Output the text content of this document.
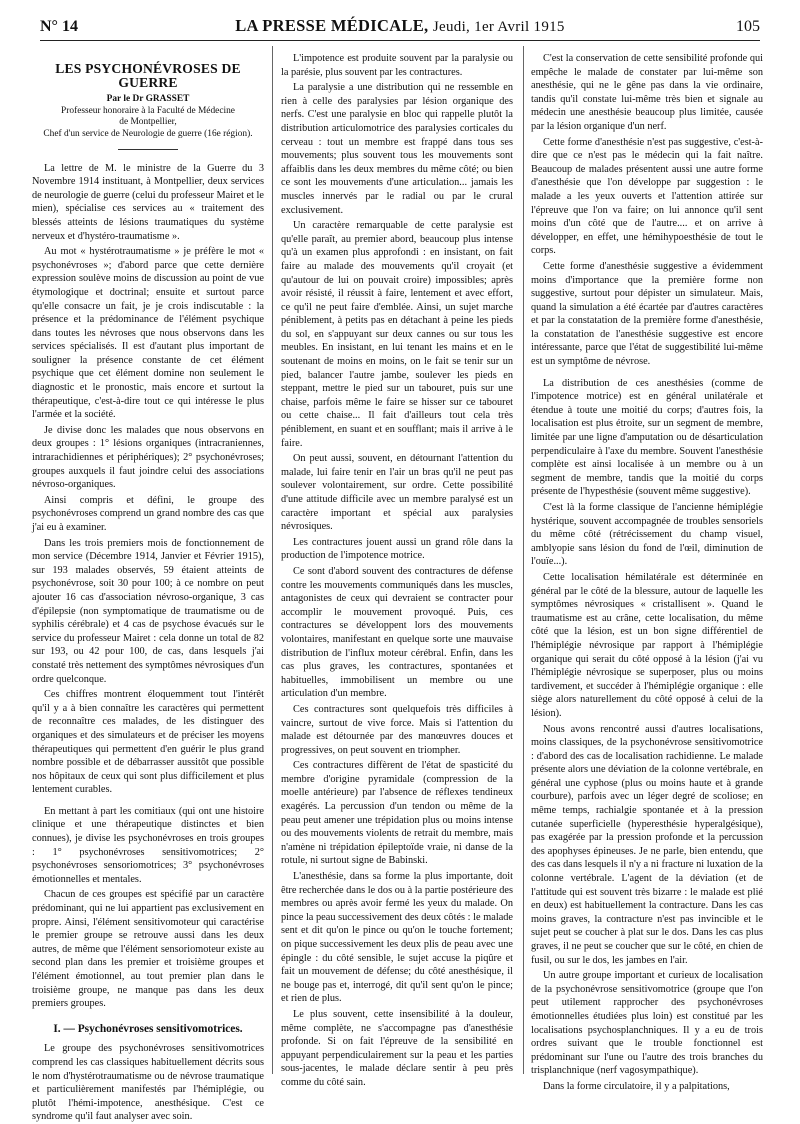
N° 14	LA PRESSE MÉDICALE, Jeudi, 1er Avril 1915	105
LES PSYCHONÉVROSES DE GUERRE
Par le Dr GRASSET
Professeur honoraire à la Faculté de Médecine
de Montpellier,
Chef d'un service de Neurologie de guerre (16e région).

La lettre de M. le ministre de la Guerre du 3 Novembre 1914 instituant, à Montpellier, deux services de neurologie de guerre (celui du professeur Mairet et le mien), spécialise ces services au « traitement des blessés atteints de lésions traumatiques du système nerveux et d'hystéro-traumatisme ».

Au mot « hystérotraumatisme » je préfère le mot « psychonévroses »; d'abord parce que cette dernière expression soulève moins de discussion au point de vue étymologique et doctrinal; ensuite et surtout parce qu'elle consacre un fait, je je crois indiscutable : la présence et la prédominance de l'élément psychique dans toutes les névroses que nous observons dans les services spécialisés. Il est d'autant plus important de souligner la présence constante de cet élément psychique que cet élément domine non seulement le diagnostic et le pronostic, mais encore et surtout la thérapeutique, c'est-à-dire tout ce qui intéresse le plus l'armée et la société.

Je divise donc les malades que nous observons en deux groupes : 1° lésions organiques (intracraniennes, intrarachidiennes et périphériques); 2° psychonévroses; groupes auxquels il faut joindre celui des associations névroso-organiques.

Ainsi compris et défini, le groupe des psychonévroses comprend un grand nombre des cas que j'ai eu à examiner.

Dans les trois premiers mois de fonctionnement de mon service (Décembre 1914, Janvier et Février 1915), sur 193 malades observés, 59 étaient atteints de psychonévrose, soit 30 pour 100; à ce nombre on peut ajouter 16 cas d'association névroso-organique, 3 cas d'épilepsie (non symptomatique de traumatisme ou de syphilis cérébrale) et 4 cas de psychose évacués sur le service du professeur Mairet : cela donne un total de 82 sur 193, ou 42 pour 100, de cas, dans lesquels j'ai constaté très nettement des symptômes névrosiques d'un ordre quelconque.

Ces chiffres montrent éloquemment tout l'intérêt qu'il y a à bien connaître les caractères qui permettent de reconnaître ces malades, de les distinguer des organiques et des simulateurs et de préciser les moyens thérapeutiques qui permettent d'en guérir le plus grand nombre possible et de débarrasser aussitôt que possible nos hôpitaux de ceux qui sont plus difficilement et plus lentement curables.

En mettant à part les comitiaux (qui ont une histoire clinique et une thérapeutique distinctes et bien connues), je divise les psychonévroses en trois groupes : 1° psychonévroses sensitivomotrices; 2° psychonévroses sensoriomotrices; 3° psychonévroses émotionnelles et mentales.

Chacun de ces groupes est spécifié par un caractère prédominant, qui ne lui appartient pas exclusivement en propre. Ainsi, l'élément sensitivomoteur qui caractérise le premier groupe se retrouve aussi dans les deux autres, de même que l'élément sensoriomoteur existe au second plan dans les premier et troisième groupes et l'élément émotionnel, au tout premier plan dans le troisième groupe, ne manque pas dans les deux premiers groupes.

I. — Psychonévroses sensitivomotrices.

Le groupe des psychonévroses sensitivomotrices comprend les cas classiques habituellement décrits sous le nom d'hystérotraumatisme ou de névrose traumatique et particulièrement manifestés par l'hémiplégie, ou plutôt l'hémi-impotence, anesthésique. C'est ce syndrome qu'il faut analyser avec soin.

L'impotence est produite souvent par la paralysie ou la parésie, plus souvent par les contractures.

La paralysie a une distribution qui ne ressemble en rien à celle des paralysies par lésion organique des nerfs. C'est une paralysie en bloc qui rappelle plutôt la distribution articulomotrice des paralysies corticales du cerveau : tout un membre est frappé dans tous ses mouvements; plus souvent tous les mouvements sont affaiblis dans les deux membres du même côté; ou bien ce sont les mouvements d'une articulation... jamais les muscles innervés par le radial ou par le crural exclusivement.

Un caractère remarquable de cette paralysie est qu'elle paraît, au premier abord, beaucoup plus intense qu'à un examen plus approfondi : en insistant, on fait faire au malade des mouvements qu'il croyait (et qu'autour de lui on pouvait croire) impossibles; après avoir résisté, il réussit à faire, lentement et avec effort, ce qu'il ne peut faire d'emblée. Ainsi, un sujet marche péniblement, à petits pas en détachant à peine les pieds du sol, en s'appuyant sur deux cannes ou sur tous les meubles. En insistant, en lui tenant les mains et en le soutenant de moins en moins, on le fait se tenir sur un pied, balancer l'autre jambe, soulever les pieds en steppant, mettre le pied sur un tabouret, puis sur une chaise, parfois même le faire se hisser sur ce tabouret ou cette chaise... Il fait d'ailleurs tout cela très péniblement, en suant et en soufflant; mais il arrive à le faire.

On peut aussi, souvent, en détournant l'attention du malade, lui faire tenir en l'air un bras qu'il ne peut pas soulever volontairement, sur ordre. Cette possibilité d'une attitude difficile avec un membre paralysé est un caractère important et spécial aux paralysies névrosiques.

Les contractures jouent aussi un grand rôle dans la production de l'impotence motrice.

Ce sont d'abord souvent des contractures de défense contre les mouvements communiqués dans les muscles, antagonistes de ceux qui devraient se contracter pour accomplir le mouvement provoqué. Puis, ces contractures se développent lors des mouvements volontaires, manifestant en quelque sorte une mauvaise distribution de l'influx moteur cérébral. Enfin, dans les cas plus graves, les contractures, spontanées et habituelles, immobilisent un membre ou une articulation d'un membre.

Ces contractures sont quelquefois très difficiles à vaincre, surtout de vive force. Mais si l'attention du malade est détournée par des manœuvres douces et progressives, on peut souvent en triompher.

Ces contractures diffèrent de l'état de spasticité du membre d'origine pyramidale (compression de la moelle antérieure) par l'absence de réflexes tendineux exagérés. La percussion d'un tendon ou même de la peau peut amener une trépidation plus ou moins intense ou des mouvements violents de retrait du membre, mais n'amène ni trépidation épileptoïde vraie, ni danse de la rotule, ni surtout signe de Babinski.

L'anesthésie, dans sa forme la plus importante, doit être recherchée dans le dos ou à la partie postérieure des membres ou après avoir fermé les yeux du malade. On pince la peau successivement des deux côtés : le malade sent et dit qu'on le pince ou qu'on le touche fortement; on pique successivement les deux plis de peau avec une épingle : du côté sensible, le sujet accuse la piqûre et fait un mouvement de défense; du côté anesthésique, il ne bouge pas et, interrogé, dit qu'il sent qu'on le pince; et rien de plus.

Le plus souvent, cette insensibilité à la douleur, même complète, ne s'accompagne pas d'anesthésie profonde. Si on fait l'épreuve de la sensibilité en appuyant perpendiculairement sur la peau et les parties sous-jacentes, le malade déclare sentir à peu près comme du côté sain.

C'est la conservation de cette sensibilité profonde qui empêche le malade de constater par lui-même son anesthésie, qui ne le gêne pas dans la vie ordinaire, tandis qu'il constate lui-même très bien et signale au médecin une anesthésie beaucoup plus limitée, causée par la lésion organique d'un nerf.

Cette forme d'anesthésie n'est pas suggestive, c'est-à-dire que ce n'est pas le médecin qui la fait naître. Beaucoup de malades présentent aussi une autre forme d'anesthésie que l'on développe par suggestion : le malade a les yeux ouverts et l'attention attirée sur l'épreuve que l'on va faire; on lui annonce qu'il sent moins d'un côté que de l'autre.... et on arrive à développer, en effet, une hémihypoesthésie de tout le corps.

Cette forme d'anesthésie suggestive a évidemment moins d'importance que la première forme non suggestive, surtout pour dépister un simulateur. Mais, quand la simulation a été écartée par d'autres caractères et par la constatation de la première forme d'anesthésie, la constatation de l'anesthésie suggestive est encore intéressante, parce que l'état de suggestibilité lui-même est un symptôme de névrose.

La distribution de ces anesthésies (comme de l'impotence motrice) est en général unilatérale et étendue à toute une moitié du corps; d'autres fois, la localisation est plus étroite, sur un segment de membre, limitée par une ligne d'amputation ou de désarticulation perpendiculaire à l'axe du membre. Souvent l'anesthésie complète est ainsi localisée à un membre ou à un segment de membre, tandis que la moitié du corps présente de l'hypesthésie (souvent même suggestive).

C'est là la forme classique de l'ancienne hémiplégie hystérique, souvent accompagnée de troubles sensoriels du même côté (rétrécissement du champ visuel, amblyopie sans lésion du fond de l'œil, diminution de l'ouïe...).

Cette localisation hémilatérale est déterminée en général par le côté de la blessure, autour de laquelle les symptômes névrosiques « cristallisent ». Quand le traumatisme est au crâne, cette localisation, du même côté que la lésion, est un bon signe différentiel de l'hémiplégie névrosique par rapport à l'hémiplégie organique qui serait du côté opposé à la lésion (j'ai vu l'hémiplégie névrosique se superposer, plus ou moins tardivement, et succéder à l'hémiplégie organique : elle siège alors naturellement du côté opposé à celui de la lésion).

Nous avons rencontré aussi d'autres localisations, moins classiques, de la psychonévrose sensitivomotrice : d'abord des cas de localisation rachidienne. Le malade présente alors une déviation de la colonne vertébrale, en général une cyphose (plus ou moins haute et à grande courbure), parfois avec un léger degré de scoliose; en même temps, rachialgie spontanée et à la pression cutanée superficielle (hyperesthésie hyperalgésique), pas exagérée par la pression profonde et la percussion des apophyses épineuses. Je ne parle, bien entendu, que des cas dans lesquels il n'y a ni fracture ni luxation de la colonne vertébrale. L'agent de la déviation (et de l'attitude qui est souvent très bizarre : le malade est plié en deux) est habituellement la contracture. Dans les cas moins graves, la contracture n'est pas invincible et le sujet peut se coucher à plat sur le dos. Dans les cas plus graves, il ne peut se coucher que sur le côté, en chien de fusil, ou sur le dos, les jambes en l'air.

Un autre groupe important et curieux de localisation de la psychonévrose sensitivomotrice (groupe que l'on peut utilement rapprocher des psychonévroses émotionnelles étudiées plus loin) est constitué par les localisations psychosplanchniques. Il y a eu de trois ordres suivant que le trouble fonctionnel est prédominant sur l'une ou l'autre des trois branches du trisplanchnique (nerf vagosympathique).

Dans la forme circulatoire, il y a palpitations,
